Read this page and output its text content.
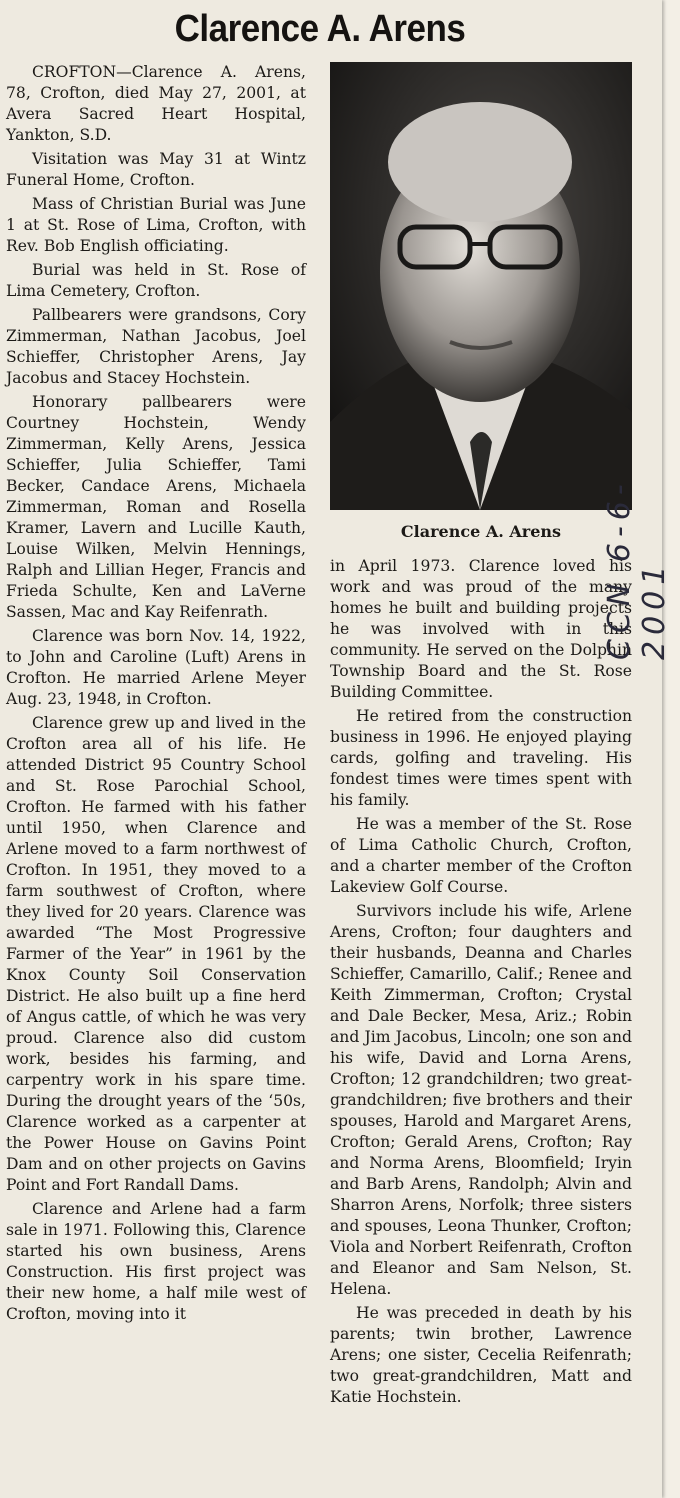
Clarence A. Arens

CROFTON—Clarence A. Arens, 78, Crofton, died May 27, 2001, at Avera Sacred Heart Hospital, Yankton, S.D.

Visitation was May 31 at Wintz Funeral Home, Crofton.

Mass of Christian Burial was June 1 at St. Rose of Lima, Crofton, with Rev. Bob English officiating.

Burial was held in St. Rose of Lima Cemetery, Crofton.

Pallbearers were grandsons, Cory Zimmerman, Nathan Jacobus, Joel Schieffer, Christopher Arens, Jay Jacobus and Stacey Hochstein.

Honorary pallbearers were Courtney Hochstein, Wendy Zimmerman, Kelly Arens, Jessica Schieffer, Julia Schieffer, Tami Becker, Candace Arens, Michaela Zimmerman, Roman and Rosella Kramer, Lavern and Lucille Kauth, Louise Wilken, Melvin Hennings, Ralph and Lillian Heger, Francis and Frieda Schulte, Ken and LaVerne Sassen, Mac and Kay Reifenrath.

Clarence was born Nov. 14, 1922, to John and Caroline (Luft) Arens in Crofton. He married Arlene Meyer Aug. 23, 1948, in Crofton.

Clarence grew up and lived in the Crofton area all of his life. He attended District 95 Country School and St. Rose Parochial School, Crofton. He farmed with his father until 1950, when Clarence and Arlene moved to a farm northwest of Crofton. In 1951, they moved to a farm southwest of Crofton, where they lived for 20 years. Clarence was awarded “The Most Progressive Farmer of the Year” in 1961 by the Knox County Soil Conservation District. He also built up a fine herd of Angus cattle, of which he was very proud. Clarence also did custom work, besides his farming, and carpentry work in his spare time. During the drought years of the ‘50s, Clarence worked as a carpenter at the Power House on Gavins Point Dam and on other projects on Gavins Point and Fort Randall Dams.

Clarence and Arlene had a farm sale in 1971. Following this, Clarence started his own business, Arens Construction. His first project was their new home, a half mile west of Crofton, moving into it

Clarence A. Arens

in April 1973. Clarence loved his work and was proud of the many homes he built and building projects he was involved with in this community. He served on the Dolphin Township Board and the St. Rose Building Committee.

He retired from the construction business in 1996. He enjoyed playing cards, golfing and traveling. His fondest times were times spent with his family.

He was a member of the St. Rose of Lima Catholic Church, Crofton, and a charter member of the Crofton Lakeview Golf Course.

Survivors include his wife, Arlene Arens, Crofton; four daughters and their husbands, Deanna and Charles Schieffer, Camarillo, Calif.; Renee and Keith Zimmerman, Crofton; Crystal and Dale Becker, Mesa, Ariz.; Robin and Jim Jacobus, Lincoln; one son and his wife, David and Lorna Arens, Crofton; 12 grandchildren; two great-grandchildren; five brothers and their spouses, Harold and Margaret Arens, Crofton; Gerald Arens, Crofton; Ray and Norma Arens, Bloomfield; Iryin and Barb Arens, Randolph; Alvin and Sharron Arens, Norfolk; three sisters and spouses, Leona Thunker, Crofton; Viola and Norbert Reifenrath, Crofton and Eleanor and Sam Nelson, St. Helena.

He was preceded in death by his parents; twin brother, Lawrence Arens; one sister, Cecelia Reifenrath; two great-grandchildren, Matt and Katie Hochstein.

CCN 6-6-2001
